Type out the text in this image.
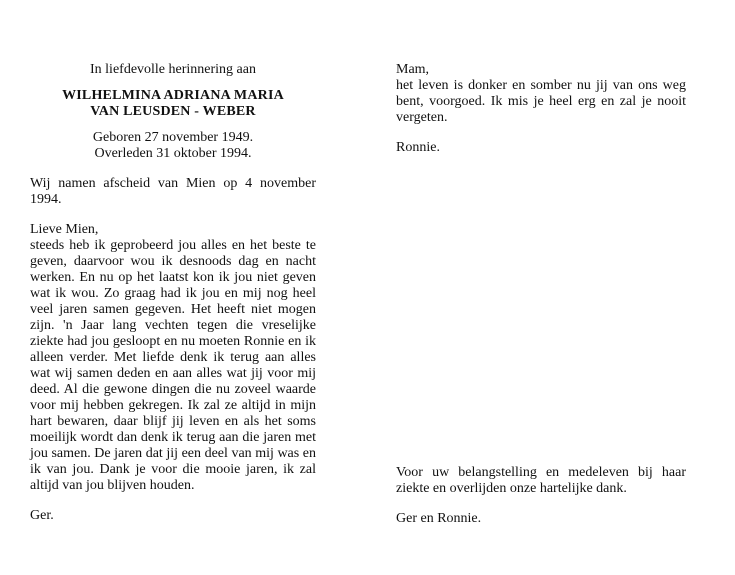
In liefdevolle herinnering aan

WILHELMINA ADRIANA MARIA

VAN LEUSDEN - WEBER

Geboren 27 november 1949.

Overleden 31 oktober 1994.

Wij namen afscheid van Mien op 4 november 1994.

Lieve Mien,

steeds heb ik geprobeerd jou alles en het beste te geven, daarvoor wou ik desnoods dag en nacht werken. En nu op het laatst kon ik jou niet geven wat ik wou. Zo graag had ik jou en mij nog heel veel jaren samen gegeven. Het heeft niet mogen zijn. 'n Jaar lang vechten tegen die vreselijke ziekte had jou gesloopt en nu moeten Ronnie en ik alleen verder. Met liefde denk ik terug aan alles wat wij samen deden en aan alles wat jij voor mij deed. Al die gewone dingen die nu zoveel waarde voor mij hebben gekregen. Ik zal ze altijd in mijn hart bewaren, daar blijf jij leven en als het soms moeilijk wordt dan denk ik terug aan die jaren met jou samen. De jaren dat jij een deel van mij was en ik van jou. Dank je voor die mooie jaren, ik zal altijd van jou blijven houden.

Ger.

Mam,

het leven is donker en somber nu jij van ons weg bent, voorgoed. Ik mis je heel erg en zal je nooit vergeten.

Ronnie.

Voor uw belangstelling en medeleven bij haar ziekte en overlijden onze hartelijke dank.

Ger en Ronnie.
